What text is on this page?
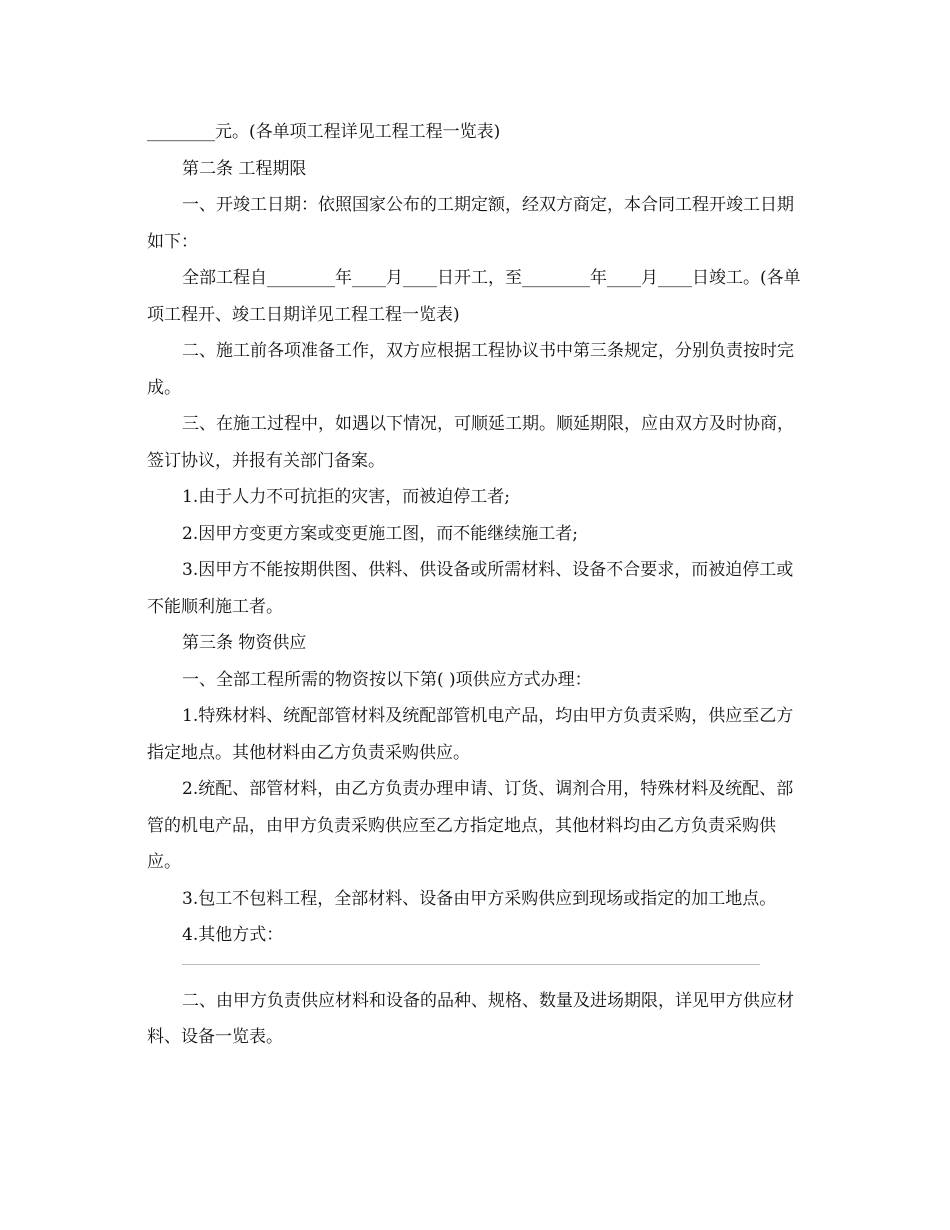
________元。(各单项工程详见工程工程一览表)

第二条 工程期限

一、开竣工日期：依照国家公布的工期定额，经双方商定，本合同工程开竣工日期如下：

全部工程自________年____月____日开工，至________年____月____日竣工。(各单项工程开、竣工日期详见工程工程一览表)

二、施工前各项准备工作，双方应根据工程协议书中第三条规定，分别负责按时完成。

三、在施工过程中，如遇以下情况，可顺延工期。顺延期限，应由双方及时协商，签订协议，并报有关部门备案。

1.由于人力不可抗拒的灾害，而被迫停工者;

2.因甲方变更方案或变更施工图，而不能继续施工者;

3.因甲方不能按期供图、供料、供设备或所需材料、设备不合要求，而被迫停工或不能顺利施工者。

第三条 物资供应

一、全部工程所需的物资按以下第( )项供应方式办理：

1.特殊材料、统配部管材料及统配部管机电产品，均由甲方负责采购，供应至乙方指定地点。其他材料由乙方负责采购供应。

2.统配、部管材料，由乙方负责办理申请、订货、调剂合用，特殊材料及统配、部管的机电产品，由甲方负责采购供应至乙方指定地点，其他材料均由乙方负责采购供应。

3.包工不包料工程，全部材料、设备由甲方采购供应到现场或指定的加工地点。

4.其他方式：

二、由甲方负责供应材料和设备的品种、规格、数量及进场期限，详见甲方供应材料、设备一览表。
